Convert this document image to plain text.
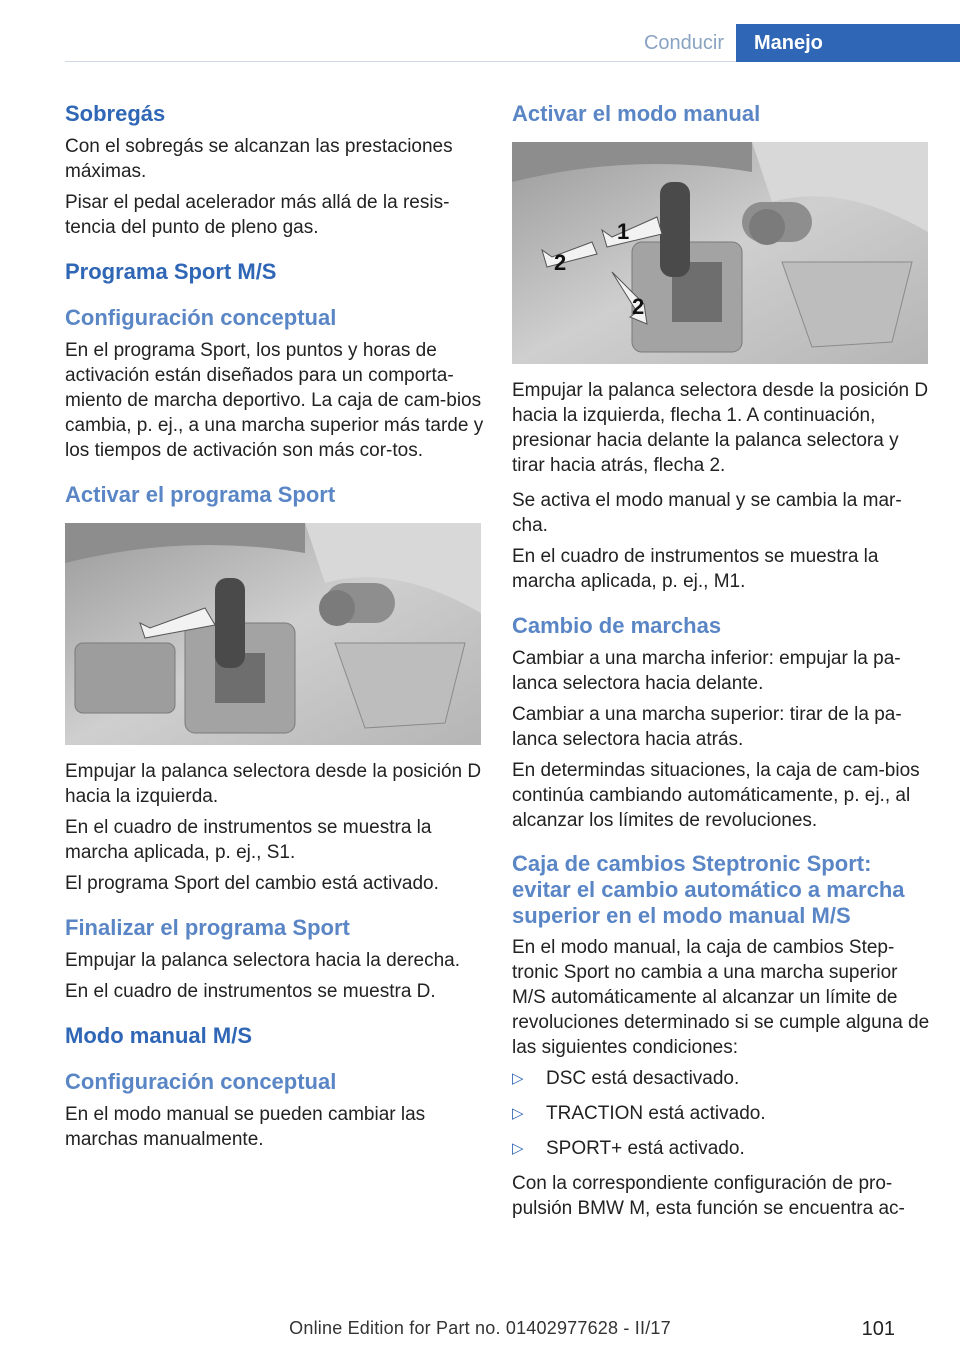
Conducir	Manejo
Sobregás

Con el sobregás se alcanzan las prestaciones máximas.

Pisar el pedal acelerador más allá de la resis-tencia del punto de pleno gas.

Programa Sport M/S
Configuración conceptual

En el programa Sport, los puntos y horas de activación están diseñados para un comporta-miento de marcha deportivo. La caja de cam-bios cambia, p. ej., a una marcha superior más tarde y los tiempos de activación son más cor-tos.

Activar el programa Sport

Empujar la palanca selectora desde la posición D hacia la izquierda.

En el cuadro de instrumentos se muestra la marcha aplicada, p. ej., S1.

El programa Sport del cambio está activado.

Finalizar el programa Sport

Empujar la palanca selectora hacia la derecha.

En el cuadro de instrumentos se muestra D.

Modo manual M/S
Configuración conceptual

En el modo manual se pueden cambiar las marchas manualmente.

Activar el modo manual
1
2
2

Empujar la palanca selectora desde la posición D hacia la izquierda, flecha 1. A continuación, presionar hacia delante la palanca selectora y tirar hacia atrás, flecha 2.

Se activa el modo manual y se cambia la mar-cha.

En el cuadro de instrumentos se muestra la marcha aplicada, p. ej., M1.

Cambio de marchas

Cambiar a una marcha inferior: empujar la pa-lanca selectora hacia delante.

Cambiar a una marcha superior: tirar de la pa-lanca selectora hacia atrás.

En determindas situaciones, la caja de cam-bios continúa cambiando automáticamente, p. ej., al alcanzar los límites de revoluciones.

Caja de cambios Steptronic Sport: evitar el cambio automático a marcha superior en el modo manual M/S

En el modo manual, la caja de cambios Step-tronic Sport no cambia a una marcha superior M/S automáticamente al alcanzar un límite de revoluciones determinado si se cumple alguna de las siguientes condiciones:

▷ DSC está desactivado.
▷ TRACTION está activado.
▷ SPORT+ está activado.

Con la correspondiente configuración de pro-pulsión BMW M, esta función se encuentra ac-

Online Edition for Part no. 01402977628 - II/17	101
